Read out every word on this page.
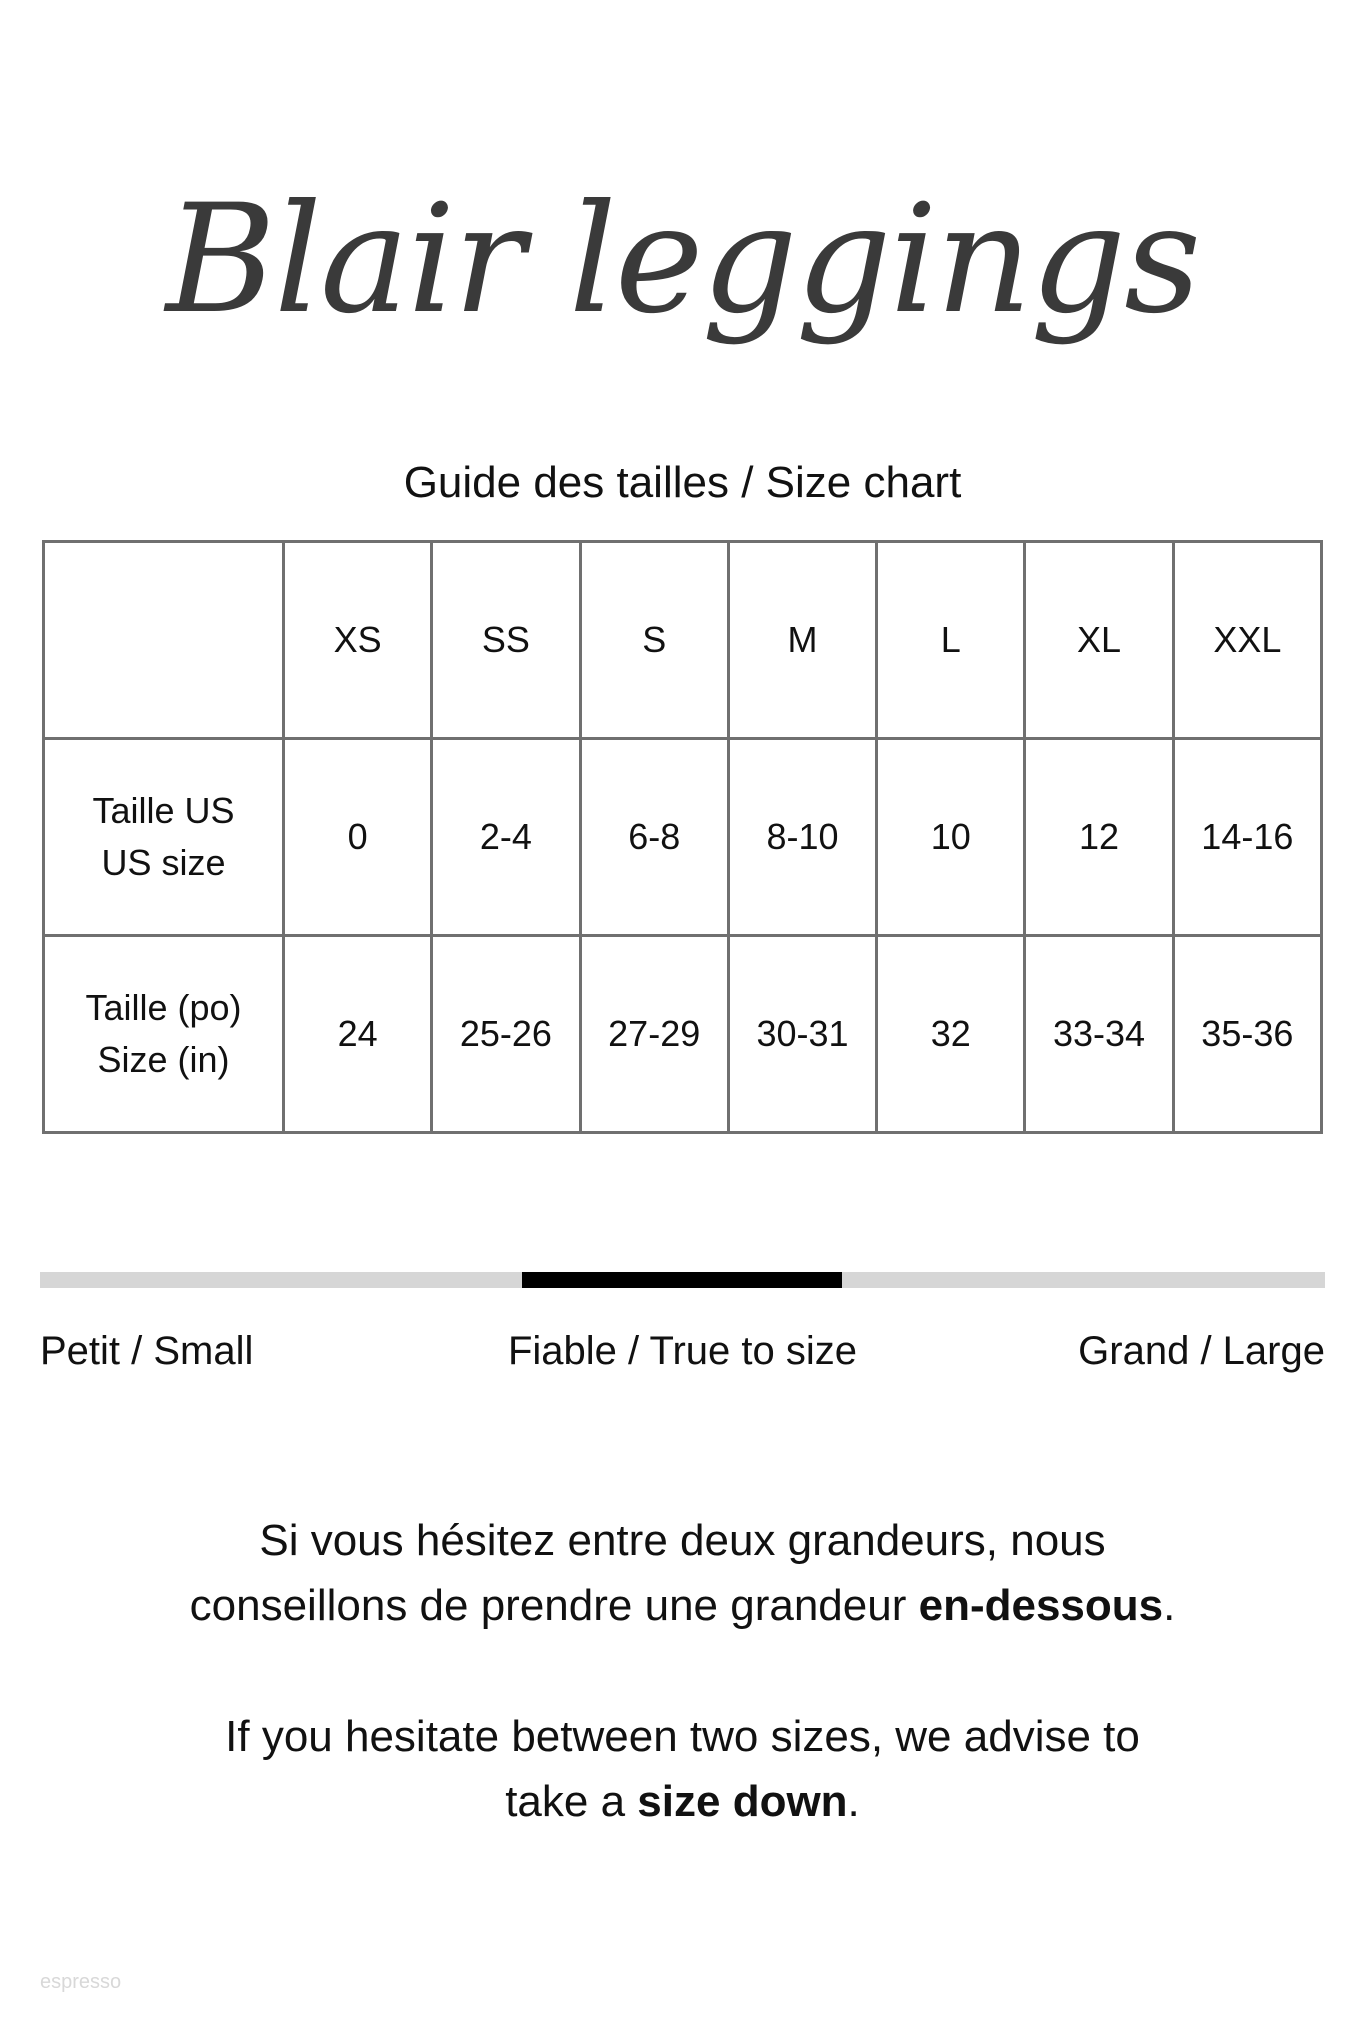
Blair leggings
Guide des tailles / Size chart
	XS	SS	S	M	L	XL	XXL

Taille US
US size	0	2-4	6-8	8-10	10	12	14-16

Taille (po)
Size (in)	24	25-26	27-29	30-31	32	33-34	35-36
Petit / Small	Fiable / True to size	Grand / Large
Si vous hésitez entre deux grandeurs, nous
conseillons de prendre une grandeur en-dessous.
If you hesitate between two sizes, we advise to
take a size down.
espresso
